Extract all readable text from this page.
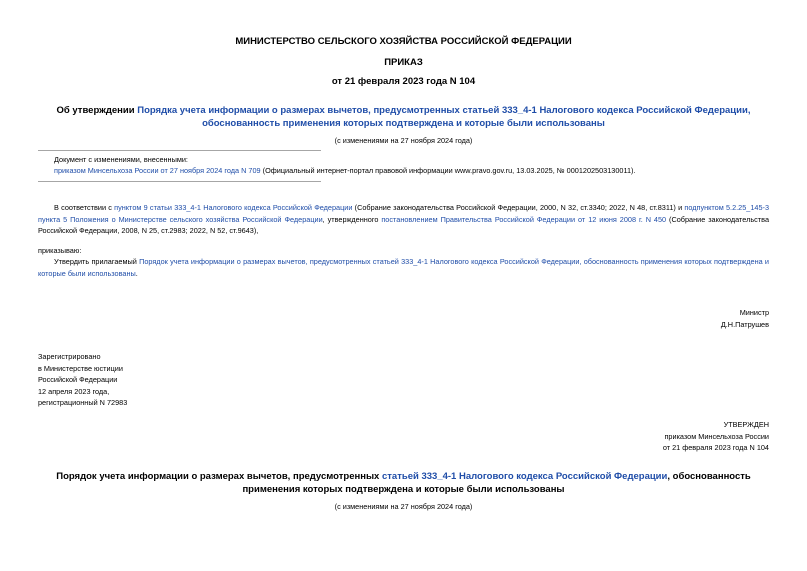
МИНИСТЕРСТВО СЕЛЬСКОГО ХОЗЯЙСТВА РОССИЙСКОЙ ФЕДЕРАЦИИ
ПРИКАЗ
от 21 февраля 2023 года N 104
Об утверждении Порядка учета информации о размерах вычетов, предусмотренных статьей 333_4-1 Налогового кодекса Российской Федерации, обоснованность применения которых подтверждена и которые были использованы
(с изменениями на 27 ноября 2024 года)
Документ с изменениями, внесенными:
приказом Минсельхоза России от 27 ноября 2024 года N 709 (Официальный интернет-портал правовой информации www.pravo.gov.ru, 13.03.2025, № 0001202503130011).
В соответствии с пунктом 9 статьи 333_4-1 Налогового кодекса Российской Федерации (Собрание законодательства Российской Федерации, 2000, N 32, ст.3340; 2022, N 48, ст.8311) и подпунктом 5.2.25_145-3 пункта 5 Положения о Министерстве сельского хозяйства Российской Федерации, утвержденного постановлением Правительства Российской Федерации от 12 июня 2008 г. N 450 (Собрание законодательства Российской Федерации, 2008, N 25, ст.2983; 2022, N 52, ст.9643),
приказываю:
Утвердить прилагаемый Порядок учета информации о размерах вычетов, предусмотренных статьей 333_4-1 Налогового кодекса Российской Федерации, обоснованность применения которых подтверждена и которые были использованы.
Министр
Д.Н.Патрушев
Зарегистрировано
в Министерстве юстиции
Российской Федерации
12 апреля 2023 года,
регистрационный N 72983
УТВЕРЖДЕН
приказом Минсельхоза России
от 21 февраля 2023 года N 104
Порядок учета информации о размерах вычетов, предусмотренных статьей 333_4-1 Налогового кодекса Российской Федерации, обоснованность применения которых подтверждена и которые были использованы
(с изменениями на 27 ноября 2024 года)
